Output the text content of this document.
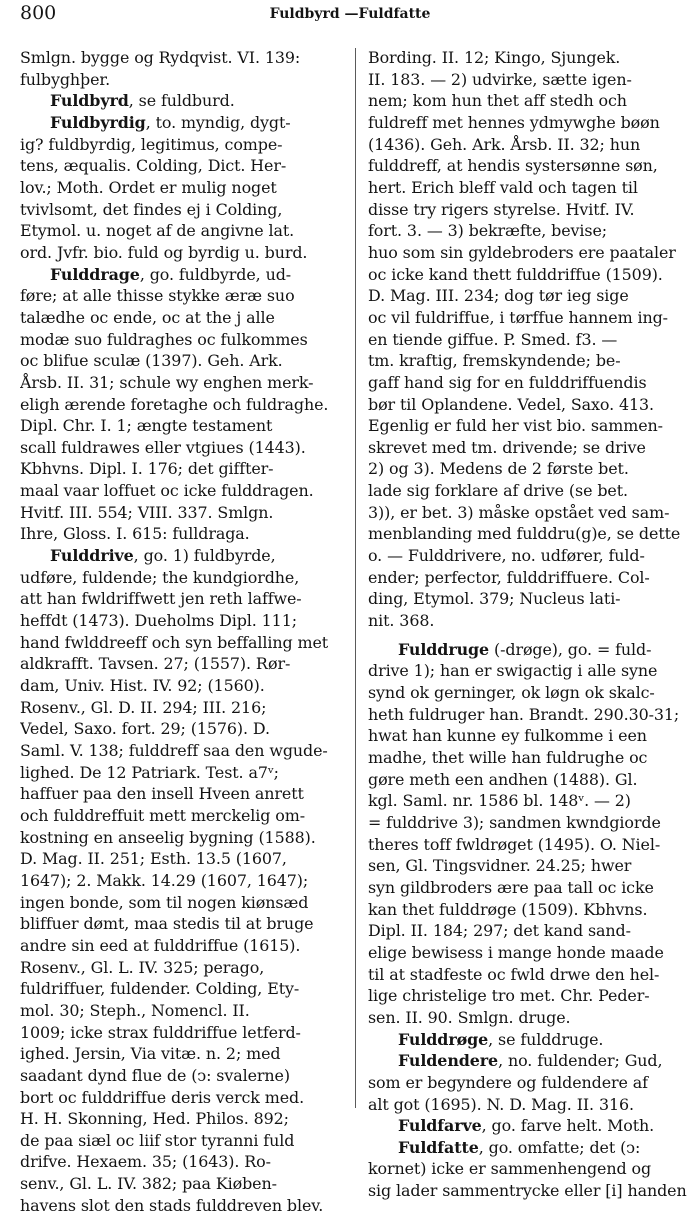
800	Fuldbyrd —Fuldfatte
Smlgn. bygge og Rydqvist. VI. 139:
fulbyghþer.
Fuldbyrd, se fuldburd.
Fuldbyrdig, to. myndig, dygt-
ig? fuldbyrdig, legitimus, compe-
tens, æqualis. Colding, Dict. Her-
lov.; Moth. Ordet er mulig noget
tvivlsomt, det findes ej i Colding,
Etymol. u. noget af de angivne lat.
ord. Jvfr. bio. fuld og byrdig u. burd.
Fulddrage, go. fuldbyrde, ud-
føre; at alle thisse stykke æræ suo
talædhe oc ende, oc at the j alle
modæ suo fuldraghes oc fulkommes
oc blifue sculæ (1397). Geh. Ark.
Årsb. II. 31; schule wy enghen merk-
eligh ærende foretaghe och fuldraghe.
Dipl. Chr. I. 1; ængte testament
scall fuldrawes eller vtgiues (1443).
Kbhvns. Dipl. I. 176; det giffter-
maal vaar loffuet oc icke fulddragen.
Hvitf. III. 554; VIII. 337. Smlgn.
Ihre, Gloss. I. 615: fulldraga.
Fulddrive, go. 1) fuldbyrde,
udføre, fuldende; the kundgiordhe,
att han fwldriffwett jen reth laffwe-
heffdt (1473). Dueholms Dipl. 111;
hand fwlddreeff och syn beffalling met
aldkrafft. Tavsen. 27; (1557). Rør-
dam, Univ. Hist. IV. 92; (1560).
Rosenv., Gl. D. II. 294; III. 216;
Vedel, Saxo. fort. 29; (1576). D.
Saml. V. 138; fulddreff saa den wgude-
lighed. De 12 Patriark. Test. a7ᵛ;
haffuer paa den insell Hveen anrett
och fulddreffuit mett merckelig om-
kostning en anseelig bygning (1588).
D. Mag. II. 251; Esth. 13.5 (1607,
1647); 2. Makk. 14.29 (1607, 1647);
ingen bonde, som til nogen kiønsæd
bliffuer dømt, maa stedis til at bruge
andre sin eed at fulddriffue (1615).
Rosenv., Gl. L. IV. 325; perago,
fuldriffuer, fuldender. Colding, Ety-
mol. 30; Steph., Nomencl. II.
1009; icke strax fulddriffue letferd-
ighed. Jersin, Via vitæ. n. 2; med
saadant dynd flue de (ↄ: svalerne)
bort oc fulddriffue deris verck med.
H. H. Skonning, Hed. Philos. 892;
de paa siæl oc liif stor tyranni fuld
drifve. Hexaem. 35; (1643). Ro-
senv., Gl. L. IV. 382; paa Kiøben-
havens slot den stads fulddreven blev.
Bording. II. 12; Kingo, Sjungek.
II. 183. — 2) udvirke, sætte igen-
nem; kom hun thet aff stedh och
fuldreff met hennes ydmywghe bøøn
(1436). Geh. Ark. Årsb. II. 32; hun
fulddreff, at hendis systersønne søn,
hert. Erich bleff vald och tagen til
disse try rigers styrelse. Hvitf. IV.
fort. 3. — 3) bekræfte, bevise;
huo som sin gyldebroders ere paataler
oc icke kand thett fulddriffue (1509).
D. Mag. III. 234; dog tør ieg sige
oc vil fuldriffue, i tørffue hannem ing-
en tiende giffue. P. Smed. f3. —
tm. kraftig, fremskyndende; be-
gaff hand sig for en fulddriffuendis
bør til Oplandene. Vedel, Saxo. 413.
Egenlig er fuld her vist bio. sammen-
skrevet med tm. drivende; se drive
2) og 3). Medens de 2 første bet.
lade sig forklare af drive (se bet.
3)), er bet. 3) måske opstået ved sam-
menblanding med fulddru(g)e, se dette
o. — Fulddrivere, no. udfører, fuld-
ender; perfector, fulddriffuere. Col-
ding, Etymol. 379; Nucleus lati-
nit. 368.
Fulddruge (-drøge), go. = fuld-
drive 1); han er swigactig i alle syne
synd ok gerninger, ok løgn ok skalc-
heth fuldruger han. Brandt. 290.30-31;
hwat han kunne ey fulkomme i een
madhe, thet wille han fuldrughe oc
gøre meth een andhen (1488). Gl.
kgl. Saml. nr. 1586 bl. 148ᵛ. — 2)
= fulddrive 3); sandmen kwndgiorde
theres toff fwldrøget (1495). O. Niel-
sen, Gl. Tingsvidner. 24.25; hwer
syn gildbroders ære paa tall oc icke
kan thet fulddrøge (1509). Kbhvns.
Dipl. II. 184; 297; det kand sand-
elige bewisess i mange honde maade
til at stadfeste oc fwld drwe den hel-
lige christelige tro met. Chr. Peder-
sen. II. 90. Smlgn. druge.
Fulddrøge, se fulddruge.
Fuldendere, no. fuldender; Gud,
som er begyndere og fuldendere af
alt got (1695). N. D. Mag. II. 316.
Fuldfarve, go. farve helt. Moth.
Fuldfatte, go. omfatte; det (ↄ:
kornet) icke er sammenhengend og
sig lader sammentrycke eller [i] handen
